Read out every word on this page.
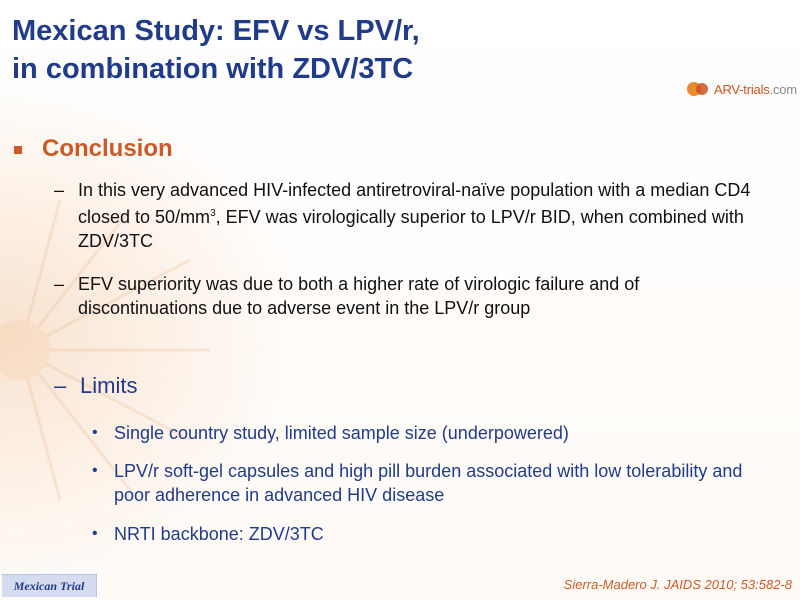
Mexican Study: EFV vs LPV/r,
in combination with ZDV/3TC
ARV-trials.com
Conclusion
– In this very advanced HIV-infected antiretroviral-naïve population with a median CD4 closed to $50/mm^3$, EFV was virologically superior to LPV/r BID, when combined with ZDV/3TC
– EFV superiority was due to both a higher rate of virologic failure and of discontinuations due to adverse event in the LPV/r group
– Limits
• Single country study, limited sample size (underpowered)
• LPV/r soft-gel capsules and high pill burden associated with low tolerability and poor adherence in advanced HIV disease
• NRTI backbone: ZDV/3TC
Mexican Trial	Sierra-Madero J. JAIDS 2010; 53:582-8
